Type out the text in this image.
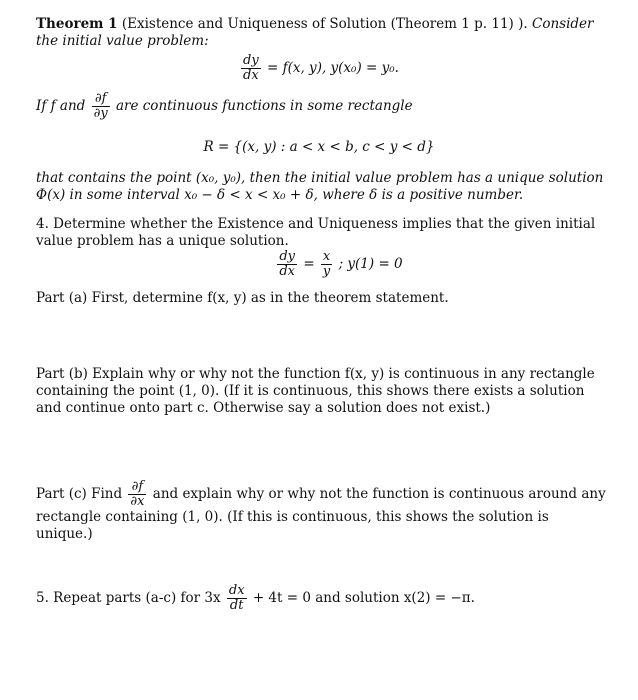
Theorem 1 (Existence and Uniqueness of Solution (Theorem 1 p. 11) ). Consider the initial value problem:
$\frac{dy}{dx} = f(x$, y), y(x₀) = y₀.
If f and $\frac{\partial f}{\partial y}$ are continuous functions in some rectangle
R = {(x, y) : a < x < b, c < y < d}
that contains the point (x₀, y₀), then the initial value problem has a unique solution Φ(x) in some interval x₀ − δ < x < x₀ + δ, where δ is a positive number.
4. Determine whether the Existence and Uniqueness implies that the given initial value problem has a unique solution.
$\frac{dy}{dx} = \frac{x}{y}$ ; y(1) = 0
Part (a) First, determine f(x, y) as in the theorem statement.
Part (b) Explain why or why not the function f(x, y) is continuous in any rectangle containing the point (1, 0). (If it is continuous, this shows there exists a solution and continue onto part c. Otherwise say a solution does not exist.)
Part (c) Find $\frac{\partial f}{\partial x}$ and explain why or why not the function is continuous around any rectangle containing (1, 0). (If this is continuous, this shows the solution is unique.)
5. Repeat parts (a-c) for $3x \frac{dx}{dt} + 4t = 0$ and solution x(2) = −π.
